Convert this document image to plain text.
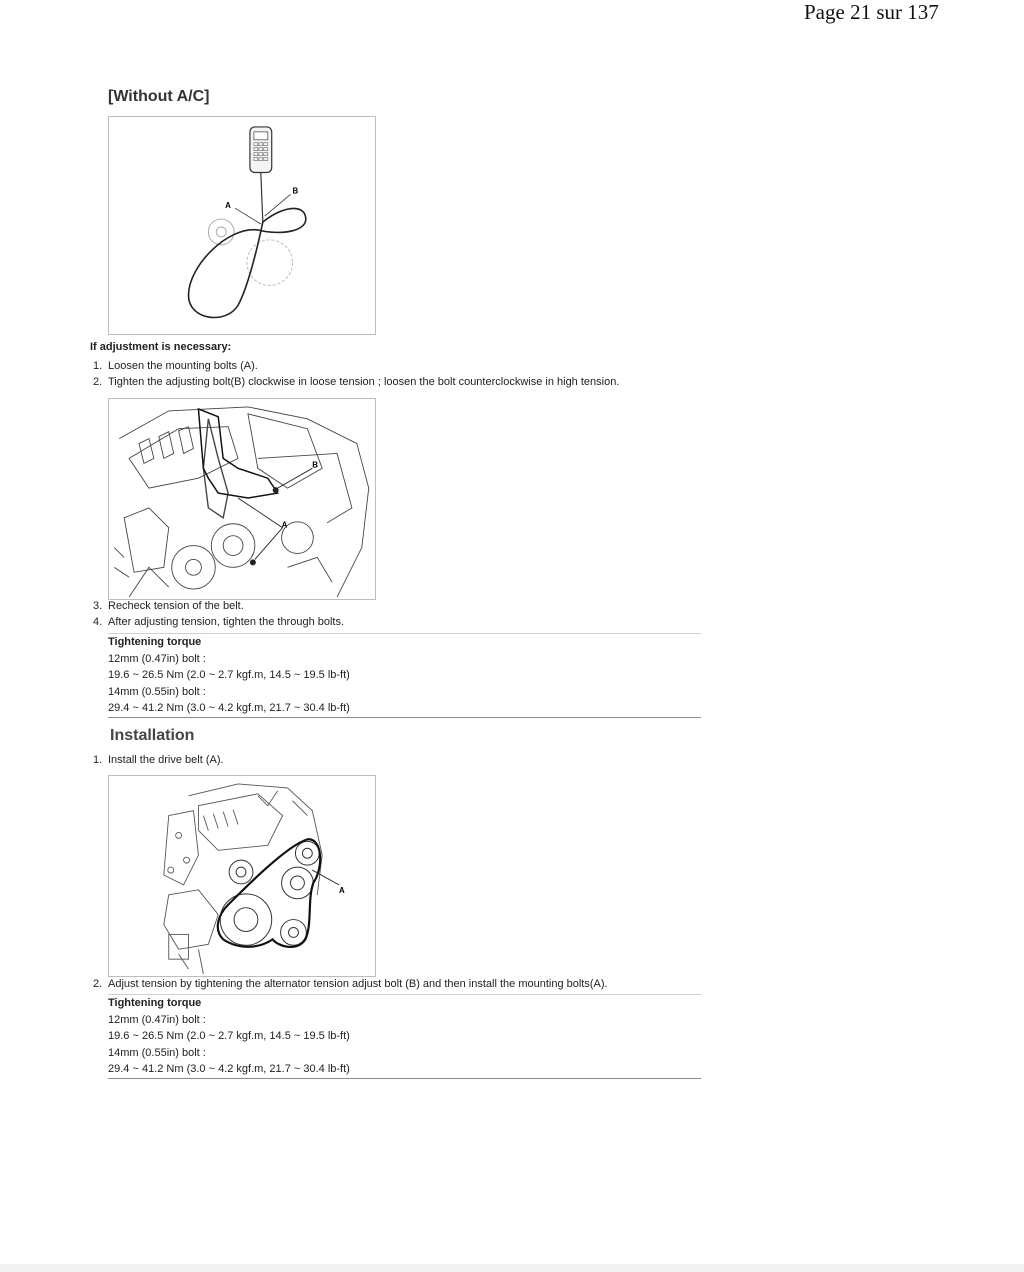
Page 21 sur 137
[Without A/C]
A
B
If adjustment is necessary:
1. Loosen the mounting bolts (A).
2. Tighten the adjusting bolt(B) clockwise in loose tension ; loosen the bolt counterclockwise in high tension.
B
A
3. Recheck tension of the belt.
4. After adjusting tension, tighten the through bolts.
Tightening torque
12mm (0.47in) bolt :
19.6 ~ 26.5 Nm (2.0 ~ 2.7 kgf.m, 14.5 ~ 19.5 lb-ft)
14mm (0.55in) bolt :
29.4 ~ 41.2 Nm (3.0 ~ 4.2 kgf.m, 21.7 ~ 30.4 lb-ft)
Installation
1. Install the drive belt (A).
A
2. Adjust tension by tightening the alternator tension adjust bolt (B) and then install the mounting bolts(A).
Tightening torque
12mm (0.47in) bolt :
19.6 ~ 26.5 Nm (2.0 ~ 2.7 kgf.m, 14.5 ~ 19.5 lb-ft)
14mm (0.55in) bolt :
29.4 ~ 41.2 Nm (3.0 ~ 4.2 kgf.m, 21.7 ~ 30.4 lb-ft)
